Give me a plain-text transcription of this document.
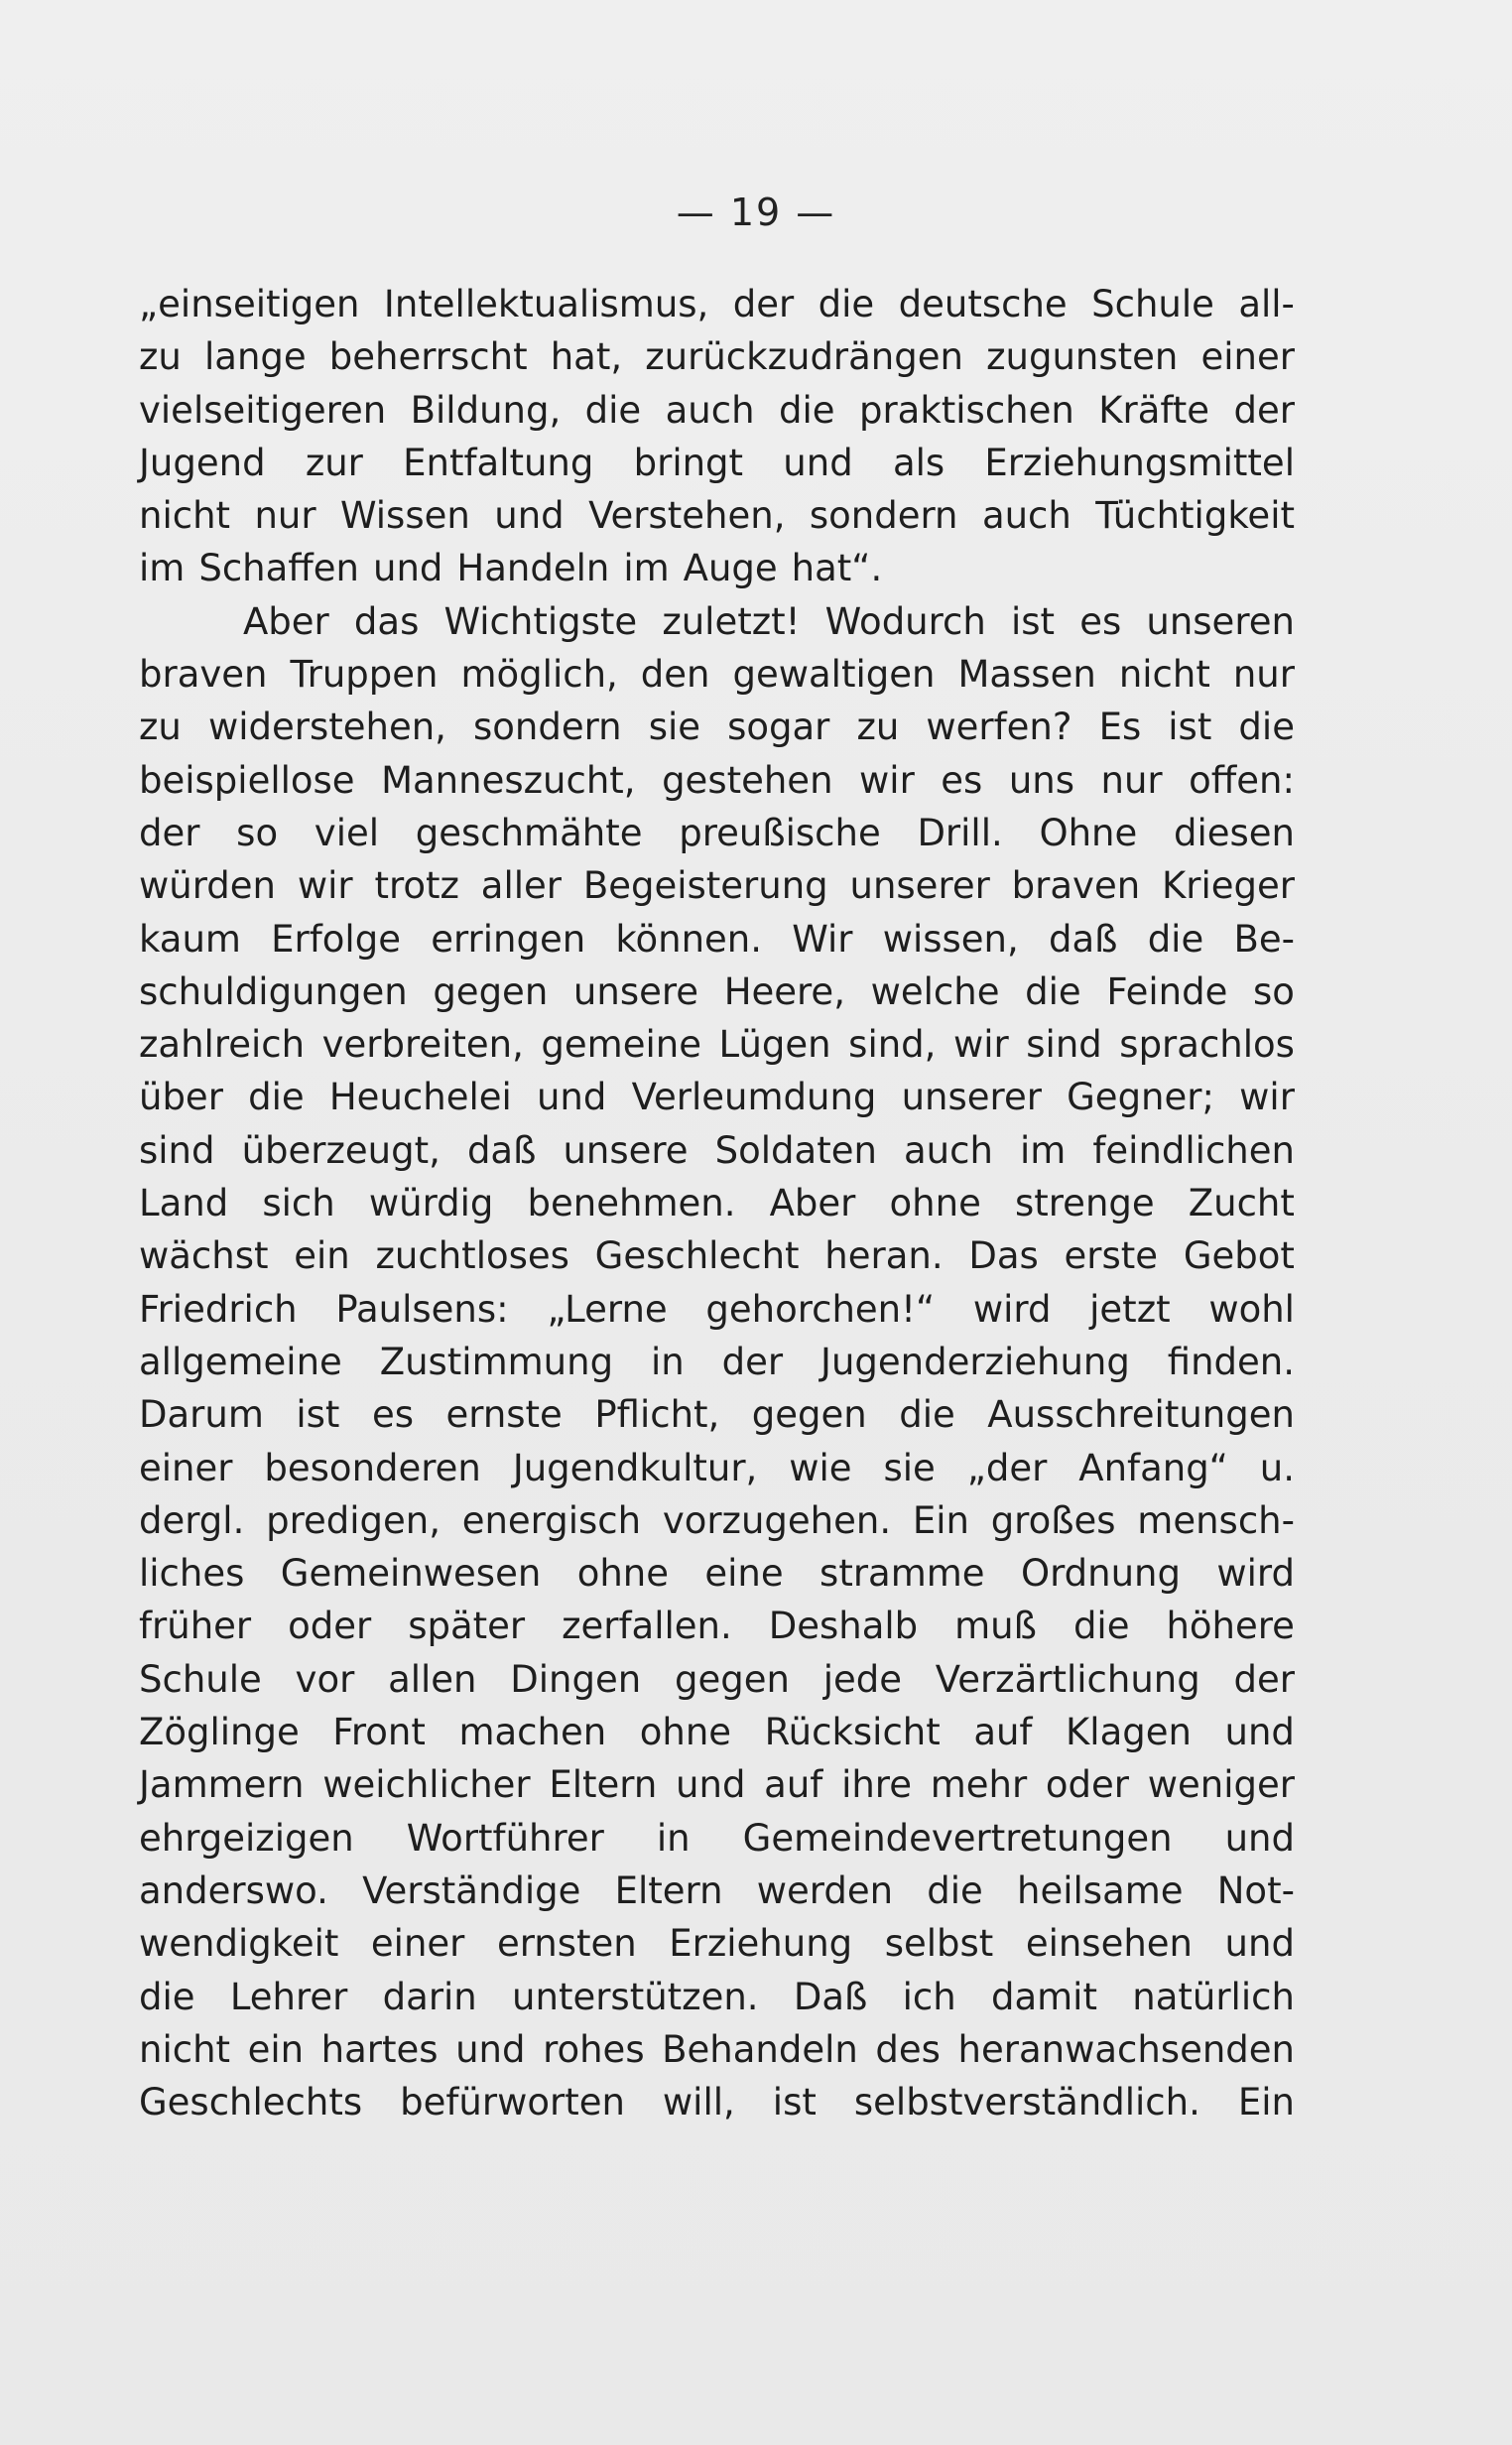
— 19 —
„einseitigen Intellektualismus, der die deutsche Schule all-
zu lange beherrscht hat, zurückzudrängen zugunsten einer
vielseitigeren Bildung, die auch die praktischen Kräfte der
Jugend zur Entfaltung bringt und als Erziehungsmittel
nicht nur Wissen und Verstehen, sondern auch Tüchtigkeit
im Schaffen und Handeln im Auge hat“.
Aber das Wichtigste zuletzt! Wodurch ist es unseren
braven Truppen möglich, den gewaltigen Massen nicht nur
zu widerstehen, sondern sie sogar zu werfen? Es ist die
beispiellose Manneszucht, gestehen wir es uns nur offen:
der so viel geschmähte preußische Drill. Ohne diesen
würden wir trotz aller Begeisterung unserer braven Krieger
kaum Erfolge erringen können. Wir wissen, daß die Be-
schuldigungen gegen unsere Heere, welche die Feinde so
zahlreich verbreiten, gemeine Lügen sind, wir sind sprachlos
über die Heuchelei und Verleumdung unserer Gegner; wir
sind überzeugt, daß unsere Soldaten auch im feindlichen
Land sich würdig benehmen. Aber ohne strenge Zucht
wächst ein zuchtloses Geschlecht heran. Das erste Gebot
Friedrich Paulsens: „Lerne gehorchen!“ wird jetzt wohl
allgemeine Zustimmung in der Jugenderziehung finden.
Darum ist es ernste Pflicht, gegen die Ausschreitungen
einer besonderen Jugendkultur, wie sie „der Anfang“ u.
dergl. predigen, energisch vorzugehen. Ein großes mensch-
liches Gemeinwesen ohne eine stramme Ordnung wird
früher oder später zerfallen. Deshalb muß die höhere
Schule vor allen Dingen gegen jede Verzärtlichung der
Zöglinge Front machen ohne Rücksicht auf Klagen und
Jammern weichlicher Eltern und auf ihre mehr oder weniger
ehrgeizigen Wortführer in Gemeindevertretungen und
anderswo. Verständige Eltern werden die heilsame Not-
wendigkeit einer ernsten Erziehung selbst einsehen und
die Lehrer darin unterstützen. Daß ich damit natürlich
nicht ein hartes und rohes Behandeln des heranwachsenden
Geschlechts befürworten will, ist selbstverständlich. Ein
